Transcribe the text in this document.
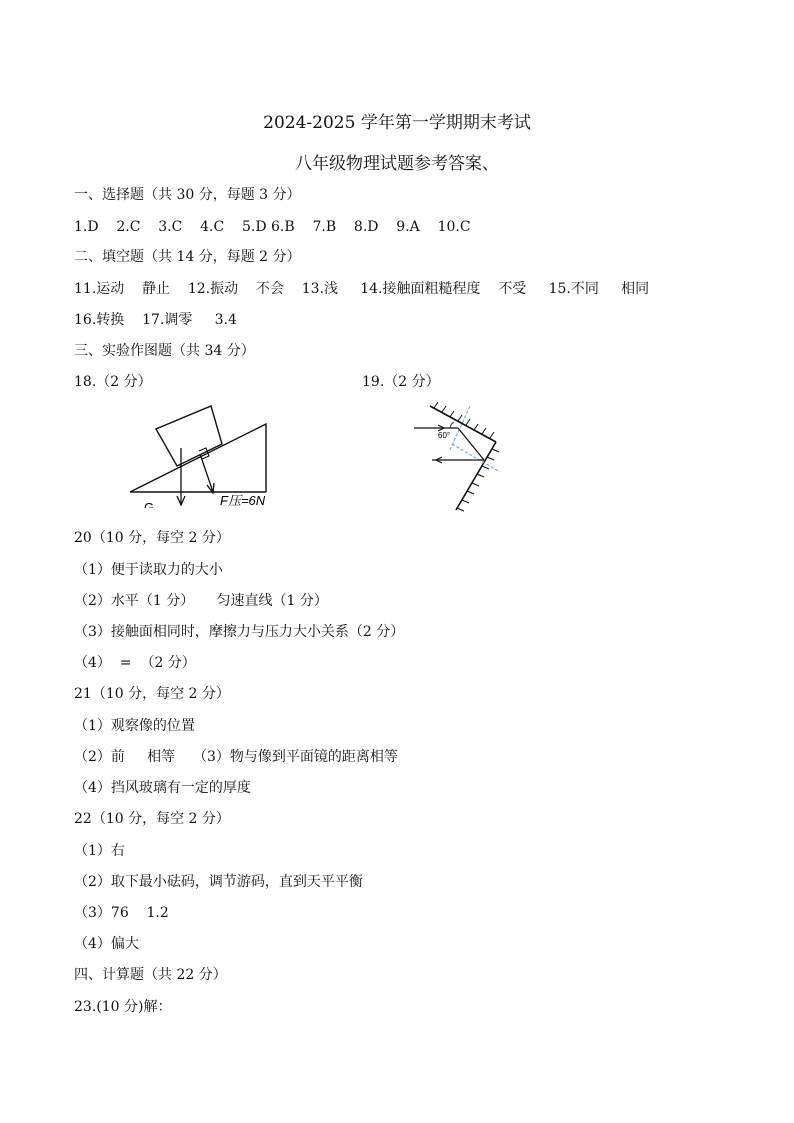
2024-2025 学年第一学期期末考试
八年级物理试题参考答案、
一、选择题（共 30 分，每题 3 分）
1.D    2.C    3.C    4.C    5.D 6.B    7.B    8.D    9.A    10.C
二、填空题（共 14 分，每题 2 分）
11.运动    静止    12.振动    不会    13.浅     14.接触面粗糙程度    不受     15.不同     相同
16.转换    17.调零     3.4
三、实验作图题（共 34 分）
18.（2 分）	19.（2 分）
G	F压=6N
60°
20（10 分，每空 2 分）
（1）便于读取力的大小
（2）水平（1 分）     匀速直线（1 分）
（3）接触面相同时，摩擦力与压力大小关系（2 分）
（4）  =  （2 分）
21（10 分，每空 2 分）
（1）观察像的位置
（2）前     相等    （3）物与像到平面镜的距离相等
（4）挡风玻璃有一定的厚度
22（10 分，每空 2 分）
（1）右
（2）取下最小砝码，调节游码，直到天平平衡
（3）76    1.2
（4）偏大
四、计算题（共 22 分）
23.(10 分)解：
